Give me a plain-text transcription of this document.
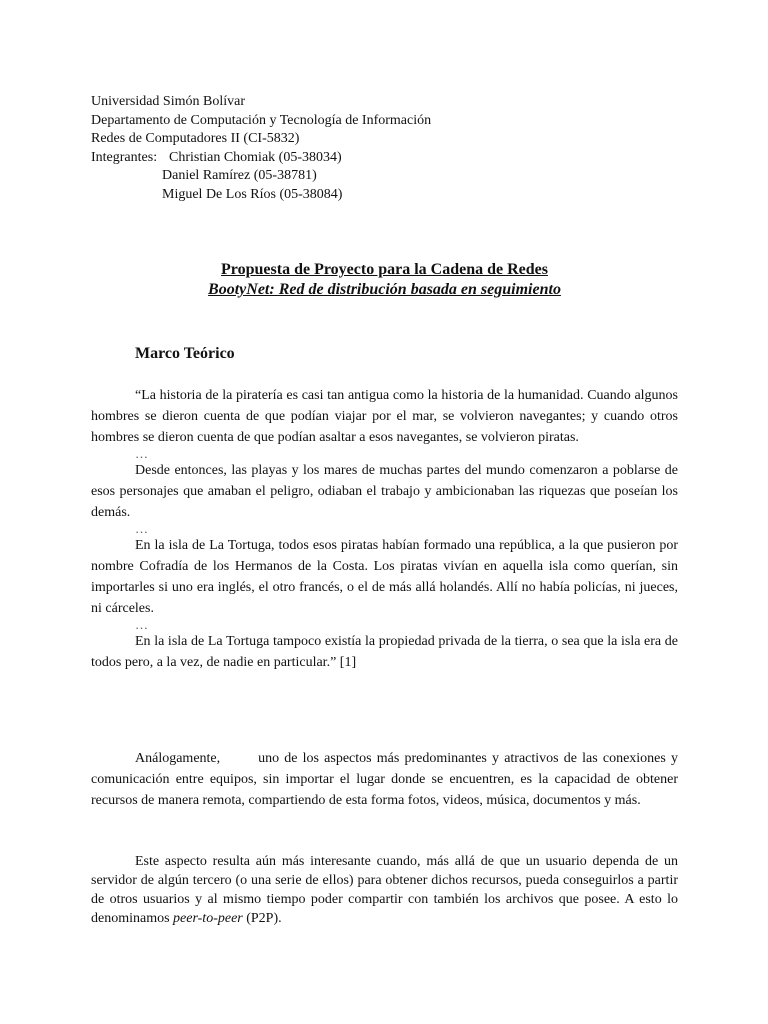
Universidad Simón Bolívar
Departamento de Computación y Tecnología de Información
Redes de Computadores II (CI-5832)
Integrantes: Christian Chomiak (05-38034)
Daniel Ramírez (05-38781)
Miguel De Los Ríos (05-38084)
Propuesta de Proyecto para la Cadena de Redes
BootyNet: Red de distribución basada en seguimiento
Marco Teórico

“La historia de la piratería es casi tan antigua como la historia de la humanidad. Cuando algunos hombres se dieron cuenta de que podían viajar por el mar, se volvieron navegantes; y cuando otros hombres se dieron cuenta de que podían asaltar a esos navegantes, se volvieron piratas.

…

Desde entonces, las playas y los mares de muchas partes del mundo comenzaron a poblarse de esos personajes que amaban el peligro, odiaban el trabajo y ambicionaban las riquezas que poseían los demás.

…

En la isla de La Tortuga, todos esos piratas habían formado una república, a la que pusieron por nombre Cofradía de los Hermanos de la Costa. Los piratas vivían en aquella isla como querían, sin importarles si uno era inglés, el otro francés, o el de más allá holandés. Allí no había policías, ni jueces, ni cárceles.

…

En la isla de La Tortuga tampoco existía la propiedad privada de la tierra, o sea que la isla era de todos pero, a la vez, de nadie en particular.” [1]

Análogamente,	uno de los aspectos más predominantes y atractivos de las conexiones y comunicación entre equipos, sin importar el lugar donde se encuentren, es la capacidad de obtener recursos de manera remota, compartiendo de esta forma fotos, videos, música, documentos y más.

Este aspecto resulta aún más interesante cuando, más allá de que un usuario dependa de un servidor de algún tercero (o una serie de ellos) para obtener dichos recursos, pueda conseguirlos a partir de otros usuarios y al mismo tiempo poder compartir con también los archivos que posee. A esto lo denominamos peer-to-peer (P2P).
